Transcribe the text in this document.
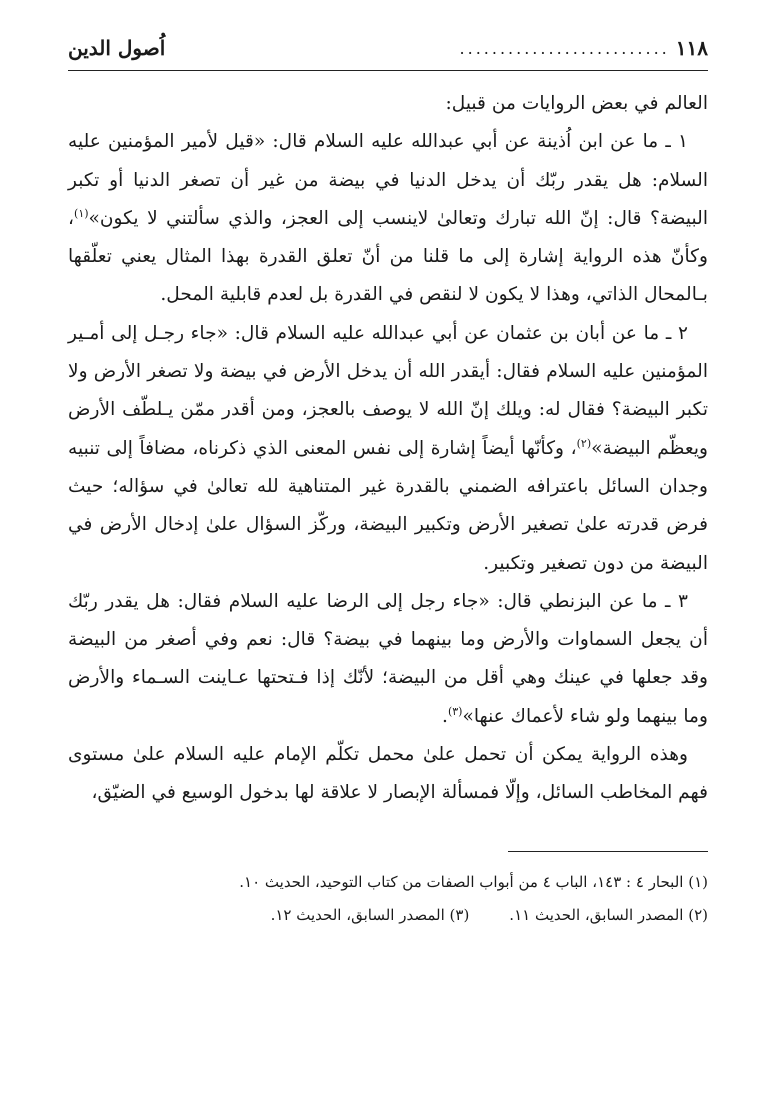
١١٨
..........................
اُصول الدين

العالم في بعض الروايات من قبيل:

١ ـ ما عن ابن اُذينة عن أبي عبدالله عليه السلام قال: «قيل لأمير المؤمنين عليه السلام: هل يقدر ربّك أن يدخل الدنيا في بيضة من غير أن تصغر الدنيا أو تكبر البيضة؟ قال: إنّ الله تبارك وتعالىٰ لاينسب إلى العجز، والذي سألتني لا يكون»$^{(١)}$، وكأنّ هذه الرواية إشارة إلى ما قلنا من أنّ تعلق القدرة بهذا المثال يعني تعلّقها بـالمحال الذاتي، وهذا لا يكون لا لنقص في القدرة بل لعدم قابلية المحل.

٢ ـ ما عن أبان بن عثمان عن أبي عبدالله عليه السلام قال: «جاء رجـل إلى أمـير المؤمنين عليه السلام فقال: أيقدر الله أن يدخل الأرض في بيضة ولا تصغر الأرض ولا تكبر البيضة؟ فقال له: ويلك إنّ الله لا يوصف بالعجز، ومن أقدر ممّن يـلطّف الأرض ويعظّم البيضة»$^{(٢)}$، وكأنّها أيضاً إشارة إلى نفس المعنى الذي ذكرناه، مضافاً إلى تنبيه وجدان السائل باعترافه الضمني بالقدرة غير المتناهية لله تعالىٰ في سؤاله؛ حيث فرض قدرته علىٰ تصغير الأرض وتكبير البيضة، وركّز السؤال علىٰ إدخال الأرض في البيضة من دون تصغير وتكبير.

٣ ـ ما عن البزنطي قال: «جاء رجل إلى الرضا عليه السلام فقال: هل يقدر ربّك أن يجعل السماوات والأرض وما بينهما في بيضة؟ قال: نعم وفي أصغر من البيضة وقد جعلها في عينك وهي أقل من البيضة؛ لأنّك إذا فـتحتها عـاينت السـماء والأرض وما بينهما ولو شاء لأعماك عنها»$^{(٣)}$.

وهذه الرواية يمكن أن تحمل علىٰ محمل تكلّم الإمام عليه السلام علىٰ مستوى فهم المخاطب السائل، وإلّا فمسألة الإبصار لا علاقة لها بدخول الوسيع في الضيّق،

(١) البحار ٤ : ١٤٣، الباب ٤ من أبواب الصفات من كتاب التوحيد، الحديث ١٠.
(٢) المصدر السابق، الحديث ١١.
(٣) المصدر السابق، الحديث ١٢.
